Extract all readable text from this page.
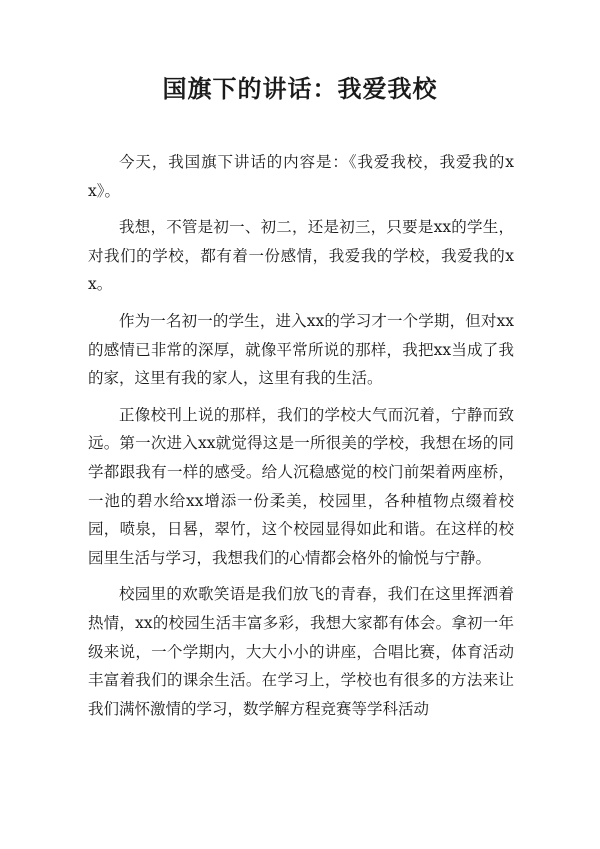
国旗下的讲话：我爱我校

今天，我国旗下讲话的内容是：《我爱我校，我爱我的xx》。

我想，不管是初一、初二，还是初三，只要是xx的学生，对我们的学校，都有着一份感情，我爱我的学校，我爱我的xx。

作为一名初一的学生，进入xx的学习才一个学期，但对xx的感情已非常的深厚，就像平常所说的那样，我把xx当成了我的家，这里有我的家人，这里有我的生活。

正像校刊上说的那样，我们的学校大气而沉着，宁静而致远。第一次进入xx就觉得这是一所很美的学校，我想在场的同学都跟我有一样的感受。给人沉稳感觉的校门前架着两座桥，一池的碧水给xx增添一份柔美，校园里，各种植物点缀着校园，喷泉，日晷，翠竹，这个校园显得如此和谐。在这样的校园里生活与学习，我想我们的心情都会格外的愉悦与宁静。

校园里的欢歌笑语是我们放飞的青春，我们在这里挥洒着热情，xx的校园生活丰富多彩，我想大家都有体会。拿初一年级来说，一个学期内，大大小小的讲座，合唱比赛，体育活动丰富着我们的课余生活。在学习上，学校也有很多的方法来让我们满怀激情的学习，数学解方程竞赛等学科活动
